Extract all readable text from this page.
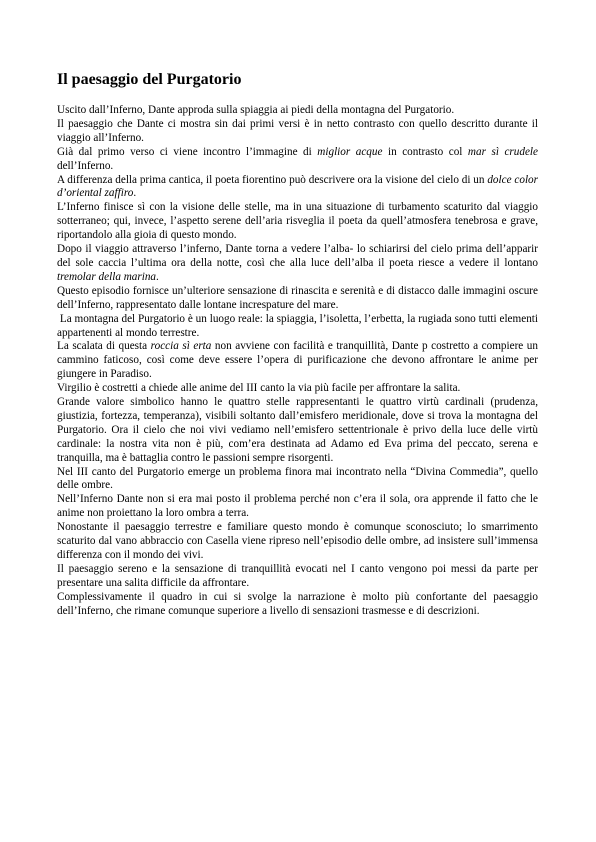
Il paesaggio del Purgatorio

Uscito dall’Inferno, Dante approda sulla spiaggia ai piedi della montagna del Purgatorio.

Il paesaggio che Dante ci mostra sin dai primi versi è in netto contrasto con quello descritto durante il viaggio all’Inferno.

Già dal primo verso ci viene incontro l’immagine di miglior acque in contrasto col mar sì crudele dell’Inferno.

A differenza della prima cantica, il poeta fiorentino può descrivere ora la visione del cielo di un dolce color d’oriental zaffiro.

L’Inferno finisce sì con la visione delle stelle, ma in una situazione di turbamento scaturito dal viaggio sotterraneo; qui, invece, l’aspetto serene dell’aria risveglia il poeta da quell’atmosfera tenebrosa e grave, riportandolo alla gioia di questo mondo.

Dopo il viaggio attraverso l’inferno, Dante torna a vedere l’alba- lo schiarirsi del cielo prima dell’apparir del sole caccia l’ultima ora della notte, così che alla luce dell’alba il poeta riesce a vedere il lontano tremolar della marina.

Questo episodio fornisce un’ulteriore sensazione di rinascita e serenità e di distacco dalle immagini oscure dell’Inferno, rappresentato dalle lontane increspature del mare.

La montagna del Purgatorio è un luogo reale: la spiaggia, l’isoletta, l’erbetta, la rugiada sono tutti elementi appartenenti al mondo terrestre.

La scalata di questa roccia sì erta non avviene con facilità e tranquillità, Dante p costretto a compiere un cammino faticoso, così come deve essere l’opera di purificazione che devono affrontare le anime per giungere in Paradiso.

Virgilio è costretti a chiede alle anime del III canto la via più facile per affrontare la salita.

Grande valore simbolico hanno le quattro stelle rappresentanti le quattro virtù cardinali (prudenza, giustizia, fortezza, temperanza), visibili soltanto dall’emisfero meridionale, dove si trova la montagna del Purgatorio. Ora il cielo che noi vivi vediamo nell’emisfero settentrionale è privo della luce delle virtù cardinale: la nostra vita non è più, com’era destinata ad Adamo ed Eva prima del peccato, serena e tranquilla, ma è battaglia contro le passioni sempre risorgenti.

Nel III canto del Purgatorio emerge un problema finora mai incontrato nella “Divina Commedia”, quello delle ombre.

Nell’Inferno Dante non si era mai posto il problema perché non c’era il sola, ora apprende il fatto che le anime non proiettano la loro ombra a terra.

Nonostante il paesaggio terrestre e familiare questo mondo è comunque sconosciuto; lo smarrimento scaturito dal vano abbraccio con Casella viene ripreso nell’episodio delle ombre, ad insistere sull’immensa differenza con il mondo dei vivi.

Il paesaggio sereno e la sensazione di tranquillità evocati nel I canto vengono poi messi da parte per presentare una salita difficile da affrontare.

Complessivamente il quadro in cui si svolge la narrazione è molto più confortante del paesaggio dell’Inferno, che rimane comunque superiore a livello di sensazioni trasmesse e di descrizioni.
